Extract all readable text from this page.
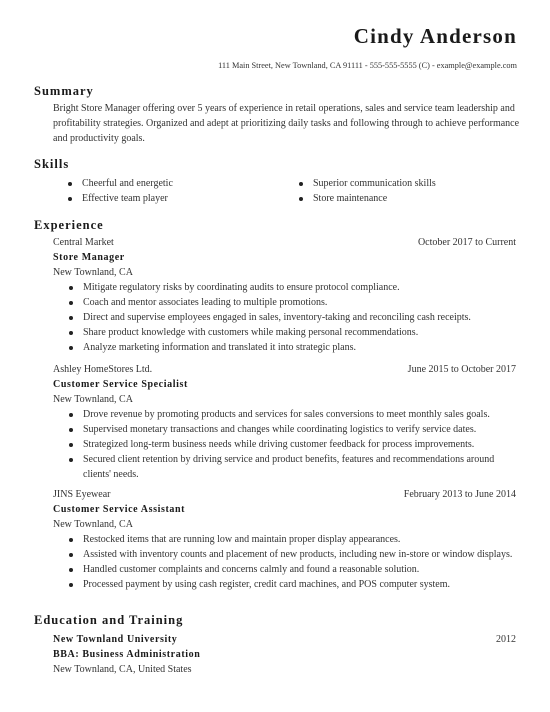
Cindy Anderson
111 Main Street, New Townland, CA 91111 - 555-555-5555 (C) - example@example.com
Summary
Bright Store Manager offering over 5 years of experience in retail operations, sales and service team leadership and profitability strategies. Organized and adept at prioritizing daily tasks and following through to achieve performance and productivity goals.
Skills
Cheerful and energetic
Effective team player
Superior communication skills
Store maintenance
Experience
Central Market	October 2017 to Current
Store Manager
New Townland, CA
Mitigate regulatory risks by coordinating audits to ensure protocol compliance.
Coach and mentor associates leading to multiple promotions.
Direct and supervise employees engaged in sales, inventory-taking and reconciling cash receipts.
Share product knowledge with customers while making personal recommendations.
Analyze marketing information and translated it into strategic plans.
Ashley HomeStores Ltd.	June 2015 to October 2017
Customer Service Specialist
New Townland, CA
Drove revenue by promoting products and services for sales conversions to meet monthly sales goals.
Supervised monetary transactions and changes while coordinating logistics to verify service dates.
Strategized long-term business needs while driving customer feedback for process improvements.
Secured client retention by driving service and product benefits, features and recommendations around clients' needs.
JINS Eyewear	February 2013 to June 2014
Customer Service Assistant
New Townland, CA
Restocked items that are running low and maintain proper display appearances.
Assisted with inventory counts and placement of new products, including new in-store or window displays.
Handled customer complaints and concerns calmly and found a reasonable solution.
Processed payment by using cash register, credit card machines, and POS computer system.
Education and Training
New Townland University	2012
BBA: Business Administration
New Townland, CA, United States
